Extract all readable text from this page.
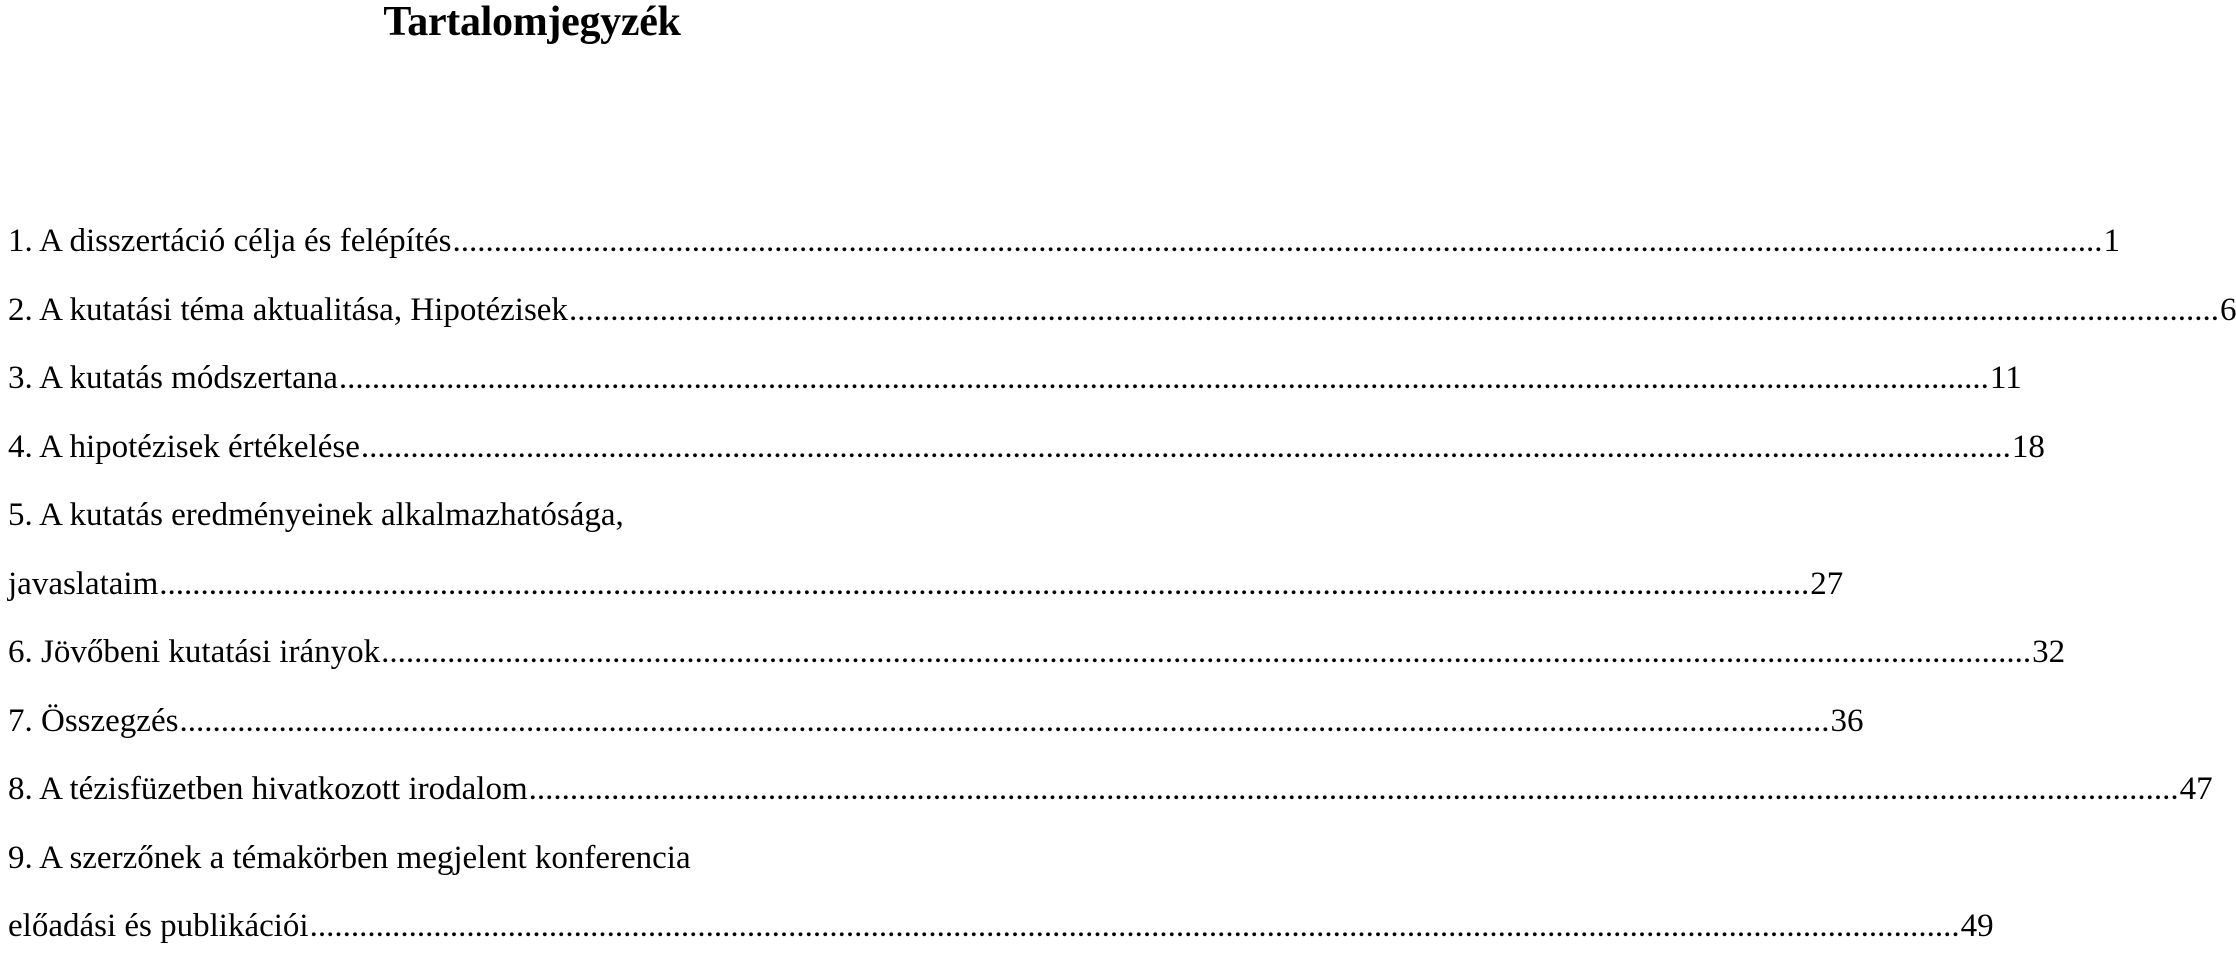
Tartalomjegyzék
1. A disszertáció célja és felépítés ........................................................................................................................................................................................................ 1
2. A kutatási téma aktualitása, Hipotézisek ........................................................................................................................................................................................................ 6
3. A kutatás módszertana ........................................................................................................................................................................................................ 11
4. A hipotézisek értékelése ........................................................................................................................................................................................................ 18
5. A kutatás eredményeinek alkalmazhatósága,
javaslataim ........................................................................................................................................................................................................ 27
6. Jövőbeni kutatási irányok ........................................................................................................................................................................................................ 32
7. Összegzés ........................................................................................................................................................................................................ 36
8. A tézisfüzetben hivatkozott irodalom ........................................................................................................................................................................................................ 47
9. A szerzőnek a témakörben megjelent konferencia
előadási és publikációi ........................................................................................................................................................................................................ 49
